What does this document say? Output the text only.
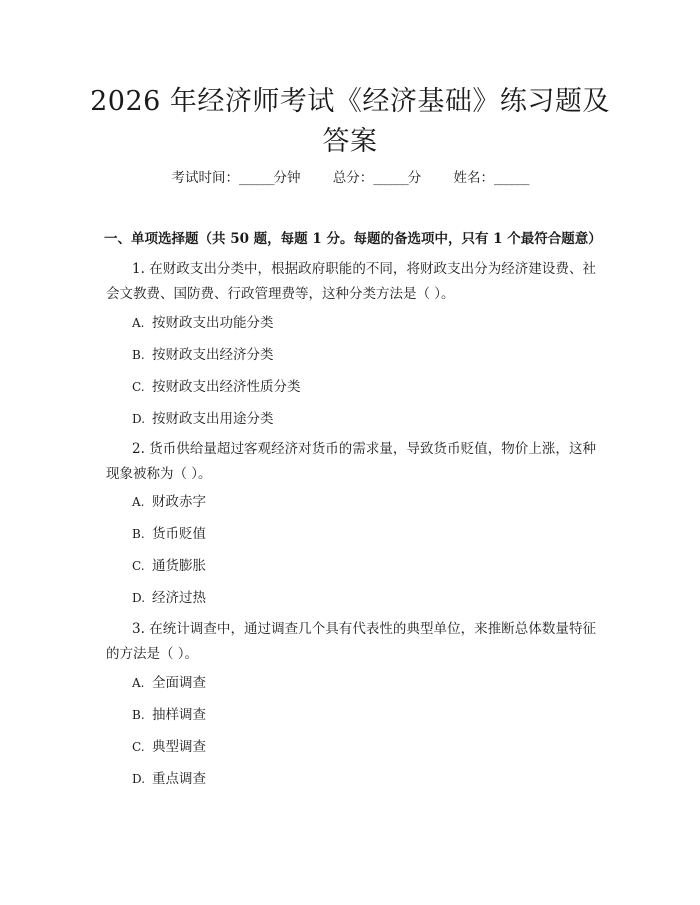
2026 年经济师考试《经济基础》练习题及答案
考试时间：______分钟 总分：______分 姓名：______
一、单项选择题（共 50 题，每题 1 分。每题的备选项中，只有 1 个最符合题意）
1. 在财政支出分类中，根据政府职能的不同，将财政支出分为经济建设费、社会文教费、国防费、行政管理费等，这种分类方法是（ ）。
A. 按财政支出功能分类
B. 按财政支出经济分类
C. 按财政支出经济性质分类
D. 按财政支出用途分类
2. 货币供给量超过客观经济对货币的需求量，导致货币贬值，物价上涨，这种现象被称为（ ）。
A. 财政赤字
B. 货币贬值
C. 通货膨胀
D. 经济过热
3. 在统计调查中，通过调查几个具有代表性的典型单位，来推断总体数量特征的方法是（ ）。
A. 全面调查
B. 抽样调查
C. 典型调查
D. 重点调查
